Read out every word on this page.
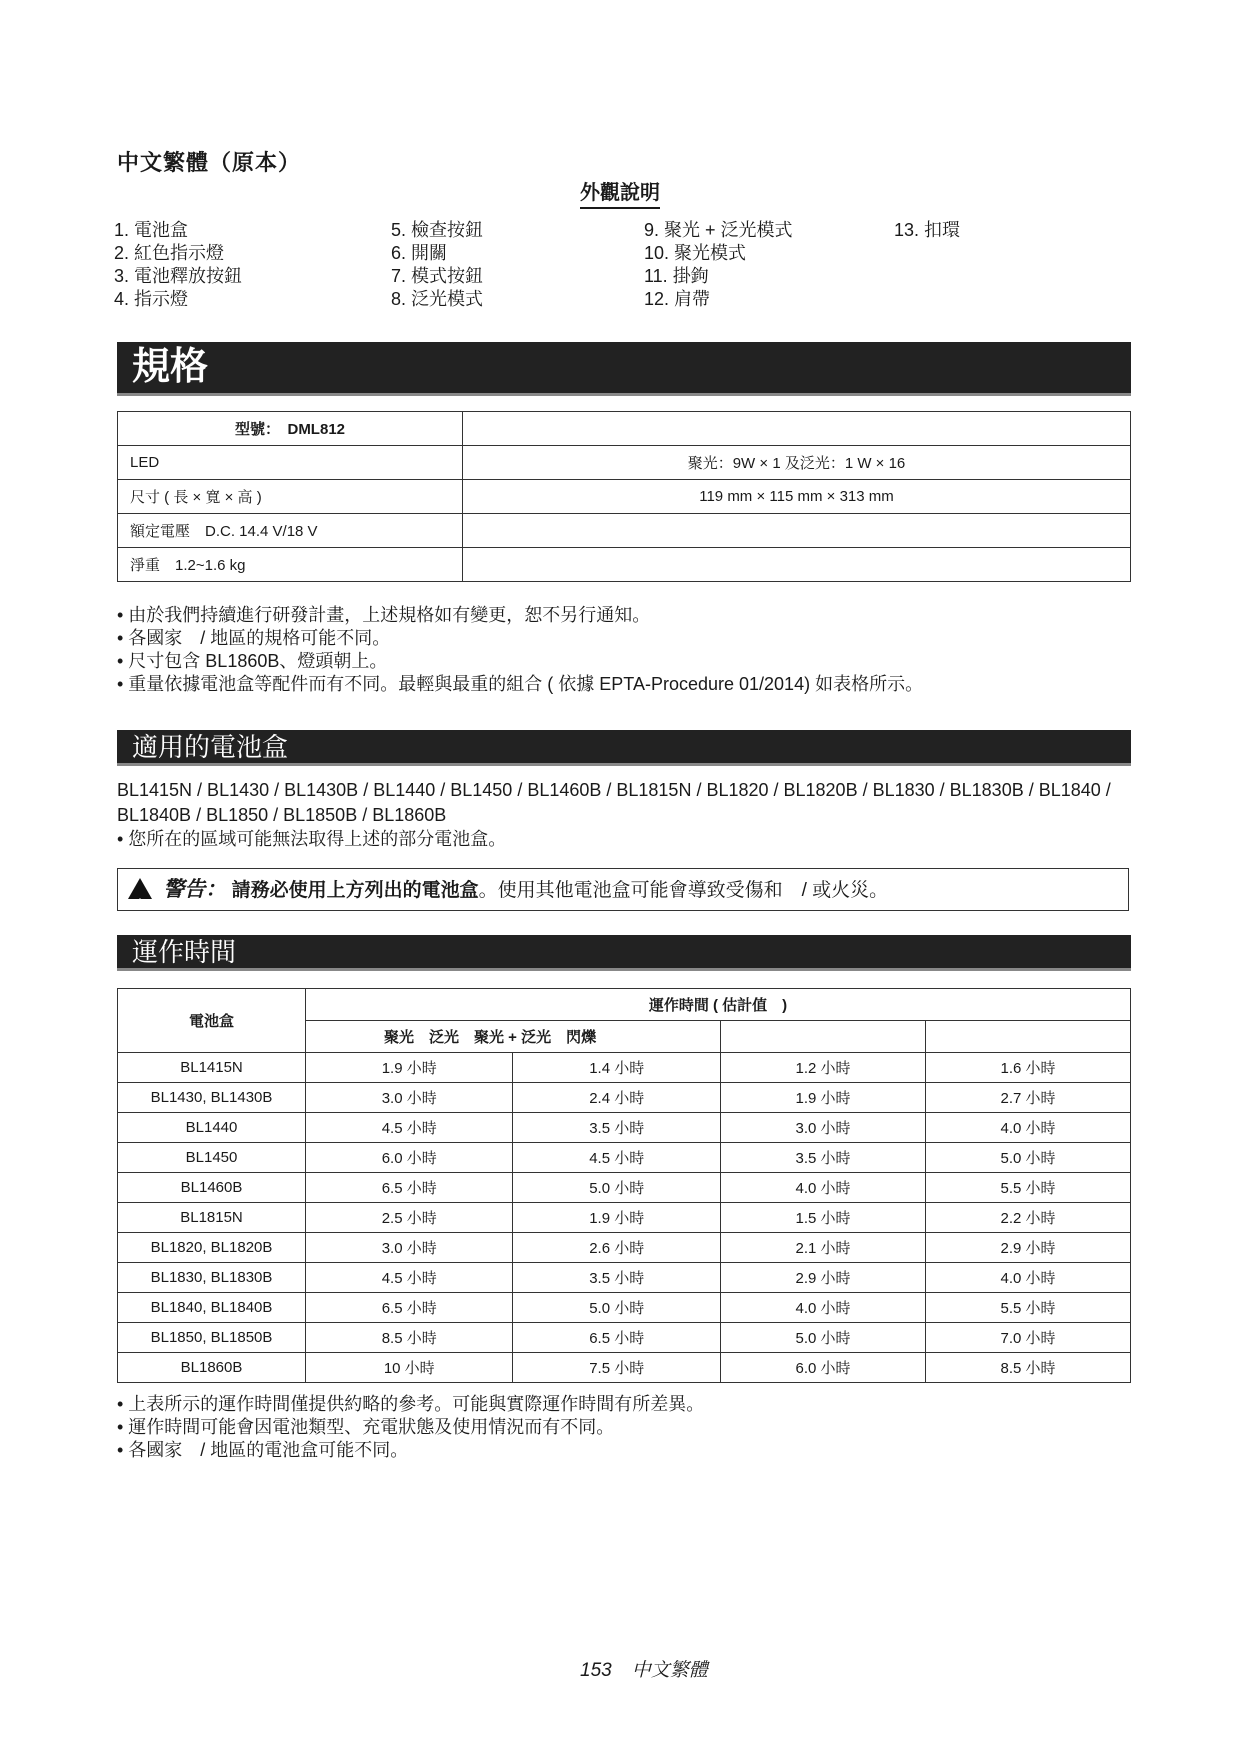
中文繁體（原本）
外觀說明
1. 電池盒
2. 紅色指示燈
3. 電池釋放按鈕
4. 指示燈
5. 檢查按鈕
6. 開關
7. 模式按鈕
8. 泛光模式
9. 聚光 + 泛光模式
10. 聚光模式
11. 掛鉤
12. 肩帶
13. 扣環
規格
型號：　DML812	
LED	聚光：9W × 1 及泛光：1 W × 16
尺寸 ( 長 × 寬 × 高 )	119 mm × 115 mm × 313 mm
額定電壓　D.C. 14.4 V/18 V	
淨重　1.2~1.6 kg	
• 由於我們持續進行研發計畫，上述規格如有變更，恕不另行通知。
• 各國家　/ 地區的規格可能不同。
• 尺寸包含 BL1860B、燈頭朝上。
• 重量依據電池盒等配件而有不同。最輕與最重的組合 ( 依據 EPTA-Procedure 01/2014) 如表格所示。
適用的電池盒
BL1415N / BL1430 / BL1430B / BL1440 / BL1450 / BL1460B / BL1815N / BL1820 / BL1820B / BL1830 / BL1830B / BL1840 / BL1840B / BL1850 / BL1850B / BL1860B
• 您所在的區域可能無法取得上述的部分電池盒。
!
警告： 請務必使用上方列出的電池盒。使用其他電池盒可能會導致受傷和　/ 或火災。
運作時間
電池盒	運作時間 ( 估計值　)			
	聚光　泛光　聚光 + 泛光　閃爍			
BL1415N	1.9 小時	1.4 小時	1.2 小時	1.6 小時
BL1430, BL1430B	3.0 小時	2.4 小時	1.9 小時	2.7 小時
BL1440	4.5 小時	3.5 小時	3.0 小時	4.0 小時
BL1450	6.0 小時	4.5 小時	3.5 小時	5.0 小時
BL1460B	6.5 小時	5.0 小時	4.0 小時	5.5 小時
BL1815N	2.5 小時	1.9 小時	1.5 小時	2.2 小時
BL1820, BL1820B	3.0 小時	2.6 小時	2.1 小時	2.9 小時
BL1830, BL1830B	4.5 小時	3.5 小時	2.9 小時	4.0 小時
BL1840, BL1840B	6.5 小時	5.0 小時	4.0 小時	5.5 小時
BL1850, BL1850B	8.5 小時	6.5 小時	5.0 小時	7.0 小時
BL1860B	10 小時	7.5 小時	6.0 小時	8.5 小時
• 上表所示的運作時間僅提供約略的參考。可能與實際運作時間有所差異。
• 運作時間可能會因電池類型、充電狀態及使用情況而有不同。
• 各國家　/ 地區的電池盒可能不同。
153 中文繁體
